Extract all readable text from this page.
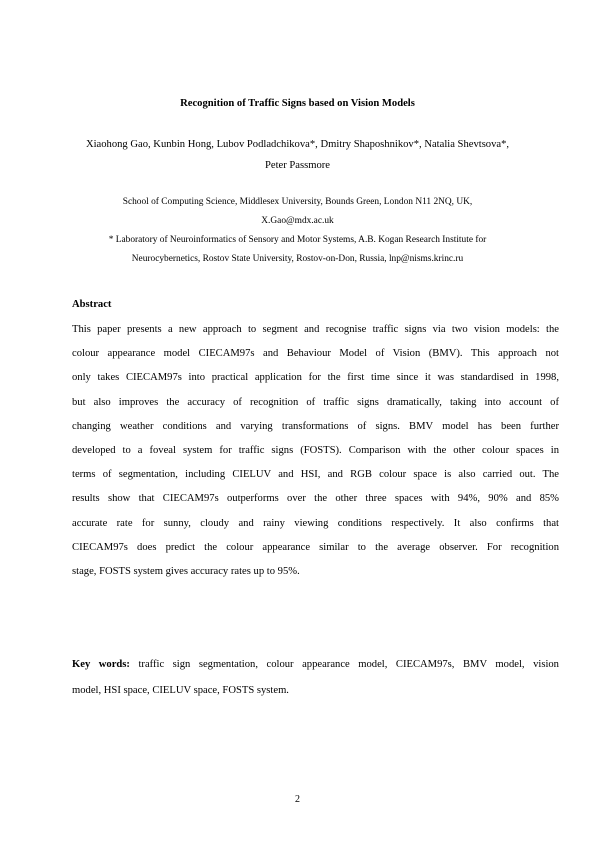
Recognition of Traffic Signs based on Vision Models
Xiaohong Gao, Kunbin Hong, Lubov Podladchikova*, Dmitry Shaposhnikov*, Natalia Shevtsova*,
Peter Passmore
School of Computing Science, Middlesex University, Bounds Green, London N11 2NQ, UK,
X.Gao@mdx.ac.uk
* Laboratory of Neuroinformatics of Sensory and Motor Systems, A.B. Kogan Research Institute for
Neurocybernetics, Rostov State University, Rostov-on-Don, Russia, lnp@nisms.krinc.ru
Abstract
This paper presents a new approach to segment and recognise traffic signs via two vision models: the
colour appearance model CIECAM97s and Behaviour Model of Vision (BMV). This approach not
only takes CIECAM97s into practical application for the first time since it was standardised in 1998,
but also improves the accuracy of recognition of traffic signs dramatically, taking into account of
changing weather conditions and varying transformations of signs. BMV model has been further
developed to a foveal system for traffic signs (FOSTS). Comparison with the other colour spaces in
terms of segmentation, including CIELUV and HSI, and RGB colour space is also carried out. The
results show that CIECAM97s outperforms over the other three spaces with 94%, 90% and 85%
accurate rate for sunny, cloudy and rainy viewing conditions respectively. It also confirms that
CIECAM97s does predict the colour appearance similar to the average observer. For recognition
stage, FOSTS system gives accuracy rates up to 95%.
Key words: traffic sign segmentation, colour appearance model, CIECAM97s, BMV model, vision
model, HSI space, CIELUV space, FOSTS system.
2
